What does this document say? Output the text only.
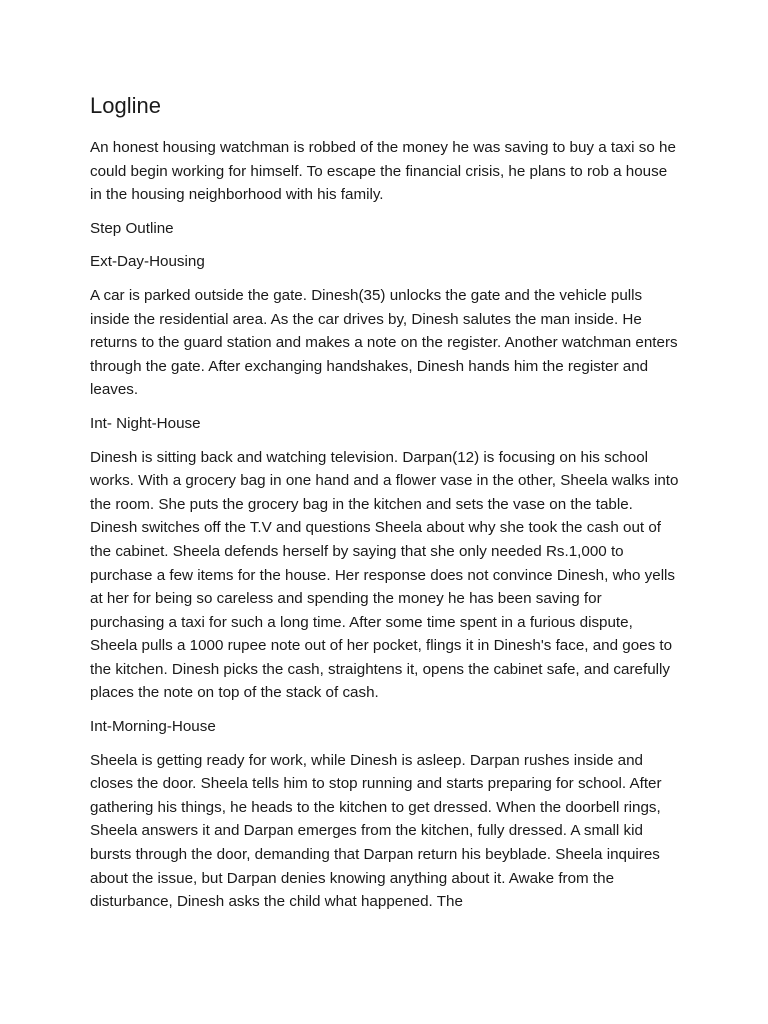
Logline

An honest housing watchman is robbed of the money he was saving to buy a taxi so he could begin working for himself. To escape the financial crisis, he plans to rob a house in the housing neighborhood with his family.

Step Outline

Ext-Day-Housing

A car is parked outside the gate. Dinesh(35) unlocks the gate and the vehicle pulls inside the residential area. As the car drives by, Dinesh salutes the man inside. He returns to the guard station and makes a note on the register. Another watchman enters through the gate. After exchanging handshakes, Dinesh hands him the register and leaves.

Int- Night-House

Dinesh is sitting back and watching television. Darpan(12) is focusing on his school works. With a grocery bag in one hand and a flower vase in the other, Sheela walks into the room. She puts the grocery bag in the kitchen and sets the vase on the table. Dinesh switches off the T.V and questions Sheela about why she took the cash out of the cabinet. Sheela defends herself by saying that she only needed Rs.1,000 to purchase a few items for the house. Her response does not convince Dinesh, who yells at her for being so careless and spending the money he has been saving for purchasing a taxi for such a long time. After some time spent in a furious dispute, Sheela pulls a 1000 rupee note out of her pocket, flings it in Dinesh's face, and goes to the kitchen. Dinesh picks the cash, straightens it, opens the cabinet safe, and carefully places the note on top of the stack of cash.

Int-Morning-House

Sheela is getting ready for work, while Dinesh is asleep. Darpan rushes inside and closes the door. Sheela tells him to stop running and starts preparing for school. After gathering his things, he heads to the kitchen to get dressed. When the doorbell rings, Sheela answers it and Darpan emerges from the kitchen, fully dressed. A small kid bursts through the door, demanding that Darpan return his beyblade. Sheela inquires about the issue, but Darpan denies knowing anything about it. Awake from the disturbance, Dinesh asks the child what happened. The
